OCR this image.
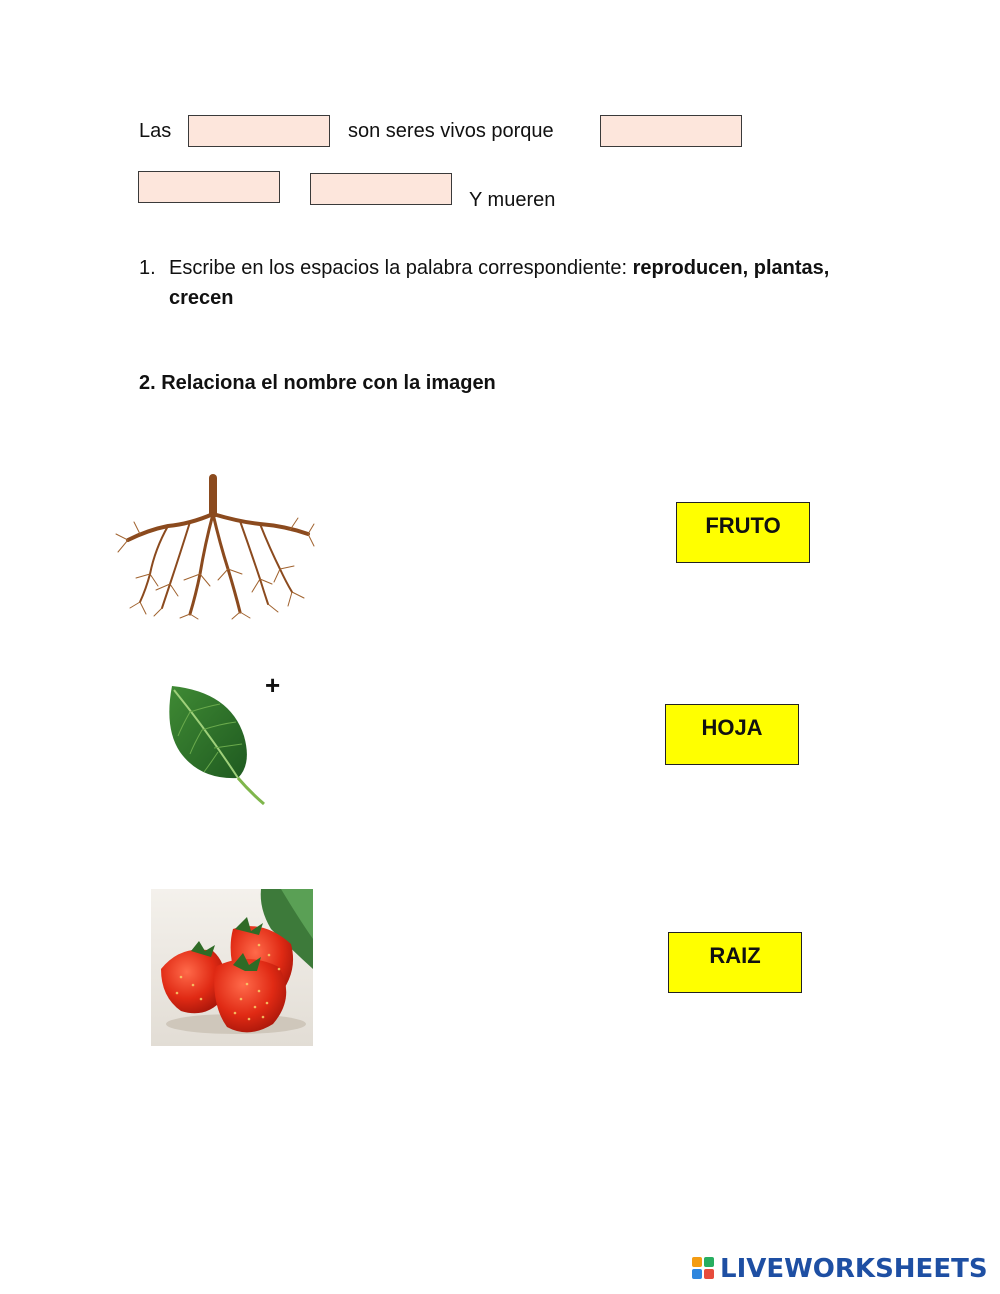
Las	son seres vivos porque
Y mueren
1. Escribe en los espacios la palabra correspondiente: reproducen, plantas,
crecen
2. Relaciona el nombre con la imagen
+
FRUTO
HOJA
RAIZ
LIVEWORKSHEETS
